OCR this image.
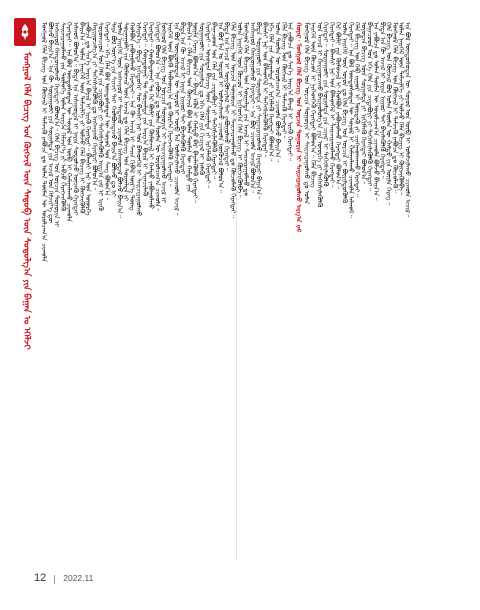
ᠮᠣᠩᠭᠣᠯ ᠬᠡᠯᠡ ᠪᠢᠴᠢᠭ ᠤᠨ ᠬᠥᠭᠵᠢᠯ ᠦᠨ ᠰᠡᠳᠦᠪ ᠦᠨ ᠰᠤᠳᠤᠯᠭ᠎ᠠ ᠶᠢᠨ ᠪᠠᠭᠠᠨ ᠤ ᠡᠭᠡᠯᠵᠢ ᠮᠣᠩᠭᠣᠯ ᠬᠡᠯᠡ ᠪᠢᠴᠢᠭ ᠤᠨ ᠬᠥᠭᠵᠢᠯ ᠢ ᠳᠡᠮᠵᠢᠬᠦ ᠶᠠᠪᠤᠴᠠ ᠳᠤ ᠣᠯᠠᠨ ᠲᠦᠮᠡᠨ ᠦ ᠣᠷᠣᠯᠴᠠᠭ᠎ᠠ ᠴᠢᠬᠤᠯᠠ
ᠪᠣᠯᠵᠤ ᠪᠠᠢᠨ᠎ᠠ᠃ ᠡᠨᠡ ᠬᠦ ᠰᠤᠷᠭᠠᠭᠤᠯᠢ ᠶᠢᠨ ᠰᠤᠷᠭᠠᠯᠲᠠ ᠶᠢᠨ ᠠᠵᠢᠯ ᠤᠨ ᠬᠡᠮᠵᠢᠶ᠎ᠡ ᠳᠦ
ᠠᠩᠬᠠᠷᠤᠯ ᠬᠠᠨᠳᠤᠭᠤᠯᠬᠤ ᠬᠡᠷᠡᠭᠲᠡᠢ ᠪᠣᠯᠤᠨ᠎ᠠ᠃ ᠬᠡᠯᠡ ᠪᠢᠴᠢᠭ ᠤᠨ ᠣᠷᠴᠢᠨ ᠲᠣᠭᠣᠷᠢᠨ ᠢ
ᠰᠠᠢᠵᠢᠷᠠᠭᠤᠯᠬᠤ ᠶᠢᠨ ᠲᠥᠯᠥᠭᠡ ᠣᠯᠠᠨ ᠠᠷᠭ᠎ᠠ ᠬᠡᠮᠵᠢᠶ᠎ᠡ ᠶᠢ ᠠᠪᠴᠤ ᠬᠡᠷᠡᠭᠵᠢᠭᠦᠯᠬᠦ
ᠬᠡᠷᠡᠭᠲᠡᠢ᠃ ᠡᠨᠡ ᠪᠣᠯ ᠦᠨᠳᠦᠰᠦᠲᠡᠨ ᠦ ᠰᠣᠶᠣᠯ ᠤᠨ ᠥᠪ ᠢ ᠬᠠᠮᠠᠭᠠᠯᠠᠬᠤ ᠴᠢᠬᠤᠯᠠ
ᠠᠯᠬᠤᠮ ᠪᠣᠯᠤᠨ᠎ᠠ᠃ ᠪᠢᠳᠡ ᠡᠨᠡ ᠠᠰᠠᠭᠤᠳᠠᠯ ᠢ ᠨᠠᠷᠢᠨ ᠰᠤᠳᠤᠯᠵᠤ ᠦᠵᠡᠬᠦ ᠬᠡᠷᠡᠭᠲᠡᠢ
ᠪᠠᠢᠨ᠎ᠠ᠃ ᠣᠯᠠᠨ ᠨᠡᠢᠭᠡᠮ ᠦᠨ ᠳᠡᠮᠵᠢᠯᠭᠡ ᠶᠢ ᠣᠯᠵᠤ ᠬᠡᠯᠡ ᠪᠢᠴᠢᠭ ᠢ ᠬᠥᠭᠵᠢᠭᠦᠯᠬᠦ
ᠶᠠᠪᠤᠴᠠ ᠳᠤ ᠰᠢᠨ᠎ᠡ ᠠᠷᠭ᠎ᠠ ᠪᠠᠷᠢᠯ ᠢ ᠡᠷᠢᠬᠦ ᠬᠡᠷᠡᠭᠲᠡᠢ᠃ ᠪᠠᠭᠰᠢ ᠨᠠᠷ ᠤᠨ ᠦᠦᠷᠭᠡ
ᠬᠠᠷᠢᠭᠤᠴᠠᠯᠭ᠎ᠠ ᠶᠢ ᠳᠡᠭᠡᠭᠰᠢᠯᠡᠭᠦᠯᠬᠦ ᠳᠤ ᠠᠩᠬᠠᠷᠬᠤ ᠬᠡᠷᠡᠭᠲᠡᠢ ᠪᠣᠯᠤᠨ᠎ᠠ᠃
ᠰᠤᠷᠤᠭᠴᠢᠳ ᠤᠨ ᠬᠡᠯᠡ ᠶᠢᠨ ᠴᠢᠳᠠᠪᠤᠷᠢ ᠶᠢ ᠳᠡᠭᠡᠭᠰᠢᠯᠡᠭᠦᠯᠬᠦ ᠠᠷᠭ᠎ᠠ ᠵᠠᠮ ᠢ ᠡᠷᠢᠬᠦ
ᠬᠡᠷᠡᠭᠲᠡᠢ᠃ ᠡᠬᠡ ᠬᠡᠯᠡ ᠪᠣᠯ ᠦᠨᠳᠦᠰᠦᠲᠡᠨ ᠦ ᠰᠣᠶᠣᠯ ᠤᠨ ᠰᠠᠩ ᠪᠣᠯᠤᠨ᠎ᠠ᠃
ᠳᠡᠷᠡ ᠪᠣᠯ ᠦᠶ᠎ᠡ ᠶᠢᠨ ᠰᠢᠨᠵᠢ ᠲᠡᠢ ᠬᠣᠯᠪᠣᠭᠳᠠᠵᠤ ᠪᠠᠢᠨ᠎ᠠ ᠪᠣᠯᠬᠤ ᠳᠤ ᠨᠢ
ᠣᠯᠠᠨ ᠨᠡᠢᠭᠡᠮ ᠦᠨ ᠠᠩᠬᠠᠷᠤᠯ ᠢ ᠲᠠᠲᠠᠬᠤ ᠴᠢᠬᠤᠯᠠ ᠠᠰᠠᠭᠤᠳᠠᠯ ᠪᠣᠯᠵᠤ ᠪᠠᠢᠨ᠎ᠠ᠃
ᠰᠤᠷᠭᠠᠭᠤᠯᠢ ᠶᠢᠨ ᠬᠦᠮᠦᠵᠢᠯ ᠦᠨ ᠠᠵᠢᠯ ᠳᠤ ᠬᠡᠯᠡ ᠪᠢᠴᠢᠭ ᠤᠨ ᠰᠤᠷᠭᠠᠯᠲᠠ ᠶᠢ
ᠬᠣᠯᠪᠣᠨ ᠶᠠᠪᠤᠭᠤᠯᠬᠤ ᠬᠡᠷᠡᠭᠲᠡᠢ᠃ ᠡᠨᠡ ᠬᠦ ᠠᠵᠢᠯ ᠢ ᠰᠠᠢᠨ ᠬᠢᠪᠡᠯ ᠦᠷ᠎ᠡ ᠳᠦᠩ
ᠢᠯᠡᠷᠡᠨ᠎ᠡ᠃ ᠪᠢᠳᠡ ᠨᠢᠭᠡᠳᠦᠭᠡᠷ ᠲᠦ ᠪᠠᠭᠰᠢ ᠨᠠᠷ ᠤᠨ ᠪᠡᠯᠡᠳᠬᠡᠯ ᠢ ᠰᠠᠢᠵᠢᠷᠠᠭᠤᠯᠬᠤ
ᠬᠡᠷᠡᠭᠲᠡᠢ᠃ ᠬᠣᠶᠠᠳᠤᠭᠠᠷ ᠲᠤ ᠰᠤᠷᠭᠠᠯᠲᠠ ᠶᠢᠨ ᠠᠷᠭ᠎ᠠ ᠪᠠᠷᠢᠯ ᠢ ᠰᠢᠨᠡᠴᠢᠯᠡᠬᠦ
ᠬᠡᠷᠡᠭᠲᠡᠢ᠃ ᠭᠤᠷᠪᠠᠳᠤᠭᠠᠷ ᠲᠤ ᠭᠡᠷ ᠪᠦᠯᠢ ᠶᠢᠨ ᠬᠦᠮᠦᠵᠢᠯ ᠢ ᠬᠠᠮᠲᠤ ᠶᠠᠪᠤᠭᠤᠯᠬᠤ
ᠬᠡᠷᠡᠭᠲᠡᠢ ᠪᠣᠯᠤᠨ᠎ᠠ᠃ ᠡᠨᠡ ᠶᠠᠪᠤᠴᠠ ᠳᠤ ᠣᠯᠠᠨ ᠲᠦᠮᠡᠨ ᠦ ᠣᠷᠣᠯᠴᠠᠭ᠎ᠠ ᠴᠢᠬᠤᠯᠠ᠃
ᠮᠣᠩᠭᠣᠯ ᠬᠡᠯᠡ ᠪᠢᠴᠢᠭ ᠤᠨ ᠣᠷᠴᠢᠨ ᠲᠣᠭᠣᠷᠢᠨ ᠢ ᠰᠠᠢᠵᠢᠷᠠᠭᠤᠯᠬᠤ ᠠᠵᠢᠯ ᠢ
ᠨᠡᠢᠭᠡᠮ ᠦᠨ ᠪᠦᠬᠦ ᠳᠠᠪᠬᠤᠷᠭ᠎ᠠ ᠳᠤ ᠬᠦᠷᠭᠡᠨ ᠬᠡᠷᠡᠭᠵᠢᠭᠦᠯᠬᠦ ᠬᠡᠷᠡᠭᠲᠡᠢ᠃
ᠡᠨᠡ ᠪᠣᠯ ᠦᠨᠳᠦᠰᠦᠲᠡᠨ ᠦ ᠰᠣᠶᠣᠯ ᠢ ᠥᠪ ᠯᠡᠨ ᠤᠯᠠᠮᠵᠢᠯᠠᠬᠤ ᠴᠢᠬᠤᠯᠠ ᠠᠵᠢᠯ᠃
ᠪᠢᠳᠡ ᠡᠨᠡ ᠬᠦ ᠠᠵᠢᠯ ᠢ ᠨᠠᠷᠢᠨ ᠨᠢᠭᠤᠷ ᠲᠠᠢ ᠪᠡᠶᠡᠯᠡᠭᠦᠯᠬᠦ ᠬᠡᠷᠡᠭᠲᠡᠢ
ᠪᠠᠢᠨ᠎ᠠ᠃ ᠬᠡᠯᠡ ᠪᠢᠴᠢᠭ ᠤᠨ ᠬᠥᠭᠵᠢᠯ ᠪᠣᠯ ᠣᠯᠠᠨ ᠲᠦᠮᠡᠨ ᠦ ᠬᠠᠮᠲᠤ ᠶᠢᠨ
ᠦᠶᠯᠡ ᠬᠡᠷᠡᠭ ᠪᠣᠯᠤᠨ᠎ᠠ᠃ ᠪᠢᠳᠡ ᠡᠭᠦᠨ ᠢ ᠬᠠᠮᠲᠤ ᠪᠡᠷ ᠪᠡᠶᠡᠯᠡᠭᠦᠯᠬᠦ ᠬᠡᠷᠡᠭᠲᠡᠢ᠃
ᠰᠤᠷᠭᠠᠭᠤᠯᠢ ᠶᠢᠨ ᠰᠤᠷᠭᠠᠯᠲᠠ ᠳᠤ ᠡᠬᠡ ᠬᠡᠯᠡ ᠶᠢᠨ ᠬᠢᠴᠢᠶᠡᠯ ᠢ ᠨᠡᠮᠡᠬᠦ
ᠬᠡᠷᠡᠭᠲᠡᠢ᠃ ᠣᠶᠤᠲᠠᠨ ᠪᠢᠴᠢᠭ ᠦᠨ ᠰᠤᠷᠭᠠᠯᠲᠠ ᠶᠢ ᠡᠷᠬᠢᠮᠯᠡᠬᠦ ᠬᠡᠷᠡᠭᠲᠡᠢ᠃
ᠪᠠᠭᠠᠴᠤᠳ ᠤᠨ ᠬᠡᠯᠡ ᠶᠢᠨ ᠴᠢᠳᠠᠪᠤᠷᠢ ᠶᠢ ᠳᠡᠭᠡᠭᠰᠢᠯᠡᠭᠦᠯᠬᠦ ᠬᠡᠷᠡᠭᠲᠡᠢ᠃
ᠡᠨᠡ ᠪᠣᠯ ᠮᠠᠨ ᠤ ᠤᠳᠤᠮ ᠢ ᠤᠯᠠᠮᠵᠢᠯᠠᠬᠤ ᠴᠢᠬᠤᠯᠠ ᠨᠥᠬᠦᠴᠡᠯ ᠪᠣᠯᠤᠨ᠎ᠠ᠃
ᠪᠢᠳᠡ ᠡᠨᠡ ᠠᠵᠢᠯ ᠢ ᠦᠷᠭᠦᠯᠵᠢᠯᠡᠯ ᠲᠠᠢ ᠶᠠᠪᠤᠭᠤᠯᠬᠤ ᠬᠡᠷᠡᠭᠲᠡᠢ᠃
ᠬᠡᠯᠡ ᠪᠢᠴᠢᠭ ᠤᠨ ᠣᠷᠴᠢᠨ ᠲᠣᠭᠣᠷᠢᠨ ᠢ ᠰᠠᠢᠵᠢᠷᠠᠭᠤᠯᠬᠤ ᠳᠤ ᠬᠦᠴᠦᠯᠡᠬᠦ ᠬᠡᠷᠡᠭᠲᠡᠢ᠃
ᠣᠯᠠᠨ ᠨᠡᠢᠭᠡᠮ ᠦᠨ ᠬᠦᠴᠦᠨ ᠢ ᠨᠢᠭᠡᠳᠭᠡᠨ ᠬᠡᠯᠡ ᠪᠢᠴᠢᠭ ᠢ ᠬᠥᠭᠵᠢᠭᠦᠯᠪᠡ᠃
ᠮᠣᠩᠭᠣᠯ ᠬᠡᠯᠡ ᠪᠢᠴᠢᠭ ᠤᠨ ᠰᠤᠷᠭᠠᠯᠲᠠ ᠶᠢᠨ ᠠᠵᠢᠯ ᠢ ᠰᠠᠢᠵᠢᠷᠠᠭᠤᠯᠬᠤ ᠳᠤ
ᠠᠩᠬᠠᠷᠤᠯ ᠬᠠᠨᠳᠤᠭᠤᠯᠬᠤ ᠬᠡᠷᠡᠭᠲᠡᠢ᠃ ᠡᠨᠡ ᠪᠣᠯ ᠴᠢᠬᠤᠯᠠ ᠠᠵᠢᠯ ᠪᠣᠯᠤᠨ᠎ᠠ᠃
ᠪᠢᠳᠡ ᠰᠤᠷᠭᠠᠭᠤᠯᠢ ᠶᠢᠨ ᠰᠤᠷᠭᠠᠯᠲᠠ ᠶᠢ ᠰᠠᠢᠵᠢᠷᠠᠭᠤᠯᠬᠤ ᠬᠡᠷᠡᠭᠲᠡᠢ ᠪᠠᠢᠨ᠎ᠠ᠃
ᠪᠠᠭᠰᠢ ᠨᠠᠷ ᠤᠨ ᠪᠡᠯᠡᠳᠬᠡᠯ ᠢ ᠳᠡᠭᠡᠭᠰᠢᠯᠡᠭᠦᠯᠬᠦ ᠬᠡᠷᠡᠭᠲᠡᠢ᠃
ᠡᠬᠡ ᠬᠡᠯᠡ ᠶᠢᠨ ᠰᠤᠷᠭᠠᠯᠲᠠ ᠶᠢ ᠡᠷᠬᠢᠮᠯᠡᠬᠦ ᠬᠡᠷᠡᠭᠲᠡᠢ ᠪᠣᠯᠤᠨ᠎ᠠ᠃
ᠣᠯᠠᠨ ᠲᠦᠮᠡᠨ ᠦ ᠣᠷᠣᠯᠴᠠᠭ᠎ᠠ ᠴᠢᠬᠤᠯᠠ ᠪᠣᠯᠵᠤ ᠪᠠᠢᠨ᠎ᠠ᠃
ᠬᠡᠯᠡ ᠪᠢᠴᠢᠭ ᠤᠨ ᠬᠥᠭᠵᠢᠯ ᠢ ᠳᠡᠮᠵᠢᠬᠦ ᠬᠡᠷᠡᠭᠲᠡᠢ᠃
ᠡᠨᠡ ᠶᠠᠪᠤᠴᠠ ᠳᠤ ᠰᠢᠨ᠎ᠡ ᠠᠷᠭ᠎ᠠ ᠪᠠᠷᠢᠯ ᠢ ᠡᠷᠢᠬᠦ ᠬᠡᠷᠡᠭᠲᠡᠢ᠃ ᠬᠣᠶᠠᠷ᠂ ᠮᠣᠩᠭᠣᠯ ᠬᠡᠯᠡ ᠪᠢᠴᠢᠭ ᠤᠨ ᠣᠷᠴᠢᠨ ᠲᠣᠭᠣᠷᠢᠨ ᠢ ᠰᠠᠢᠵᠢᠷᠠᠭᠤᠯᠬᠤ ᠠᠷᠭ᠎ᠠ ᠵᠠᠮ ᠮᠣᠩᠭᠣᠯ ᠬᠡᠯᠡ ᠪᠢᠴᠢᠭ ᠤᠨ ᠣᠷᠴᠢᠨ ᠲᠣᠭᠣᠷᠢᠨ ᠢ ᠰᠠᠢᠵᠢᠷᠠᠭᠤᠯᠬᠤ ᠳᠤ ᠣᠯᠠᠨ
ᠨᠡᠢᠭᠡᠮ ᠦᠨ ᠬᠦᠴᠦᠨ ᠢ ᠨᠢᠭᠡᠳᠭᠡᠬᠦ ᠬᠡᠷᠡᠭᠲᠡᠢ ᠪᠣᠯᠤᠨ᠎ᠠ᠃ ᠬᠡᠯᠡ ᠪᠢᠴᠢᠭ
ᠤᠨ ᠠᠵᠢᠯ ᠢ ᠬᠠᠷᠢᠭᠤᠴᠠᠬᠤ ᠪᠠᠢᠭᠤᠯᠤᠯᠭ᠎ᠠ ᠶᠢᠨ ᠦᠦᠷᠭᠡ ᠶᠢ ᠳᠡᠭᠡᠭᠰᠢᠯᠡᠭᠦᠯᠬᠦ
ᠬᠡᠷᠡᠭᠲᠡᠢ᠃ ᠰᠤᠷᠭᠠᠭᠤᠯᠢ ᠶᠢᠨ ᠰᠤᠷᠭᠠᠯᠲᠠ ᠶᠢᠨ ᠴᠢᠨᠠᠷ ᠢ ᠳᠡᠭᠡᠭᠰᠢᠯᠡᠭᠦᠯᠬᠦ
ᠬᠡᠷᠡᠭᠲᠡᠢ᠃ ᠪᠠᠭᠰᠢ ᠨᠠᠷ ᠤᠨ ᠪᠡᠯᠡᠳᠬᠡᠯ ᠢ ᠰᠠᠢᠵᠢᠷᠠᠭᠤᠯᠬᠤ ᠬᠡᠷᠡᠭᠲᠡᠢ᠃
ᠭᠡᠷ ᠪᠦᠯᠢ ᠶᠢᠨ ᠬᠦᠮᠦᠵᠢᠯ ᠢ ᠬᠣᠯᠪᠣᠨ ᠶᠠᠪᠤᠭᠤᠯᠬᠤ ᠬᠡᠷᠡᠭᠲᠡᠢ ᠪᠣᠯᠤᠨ᠎ᠠ᠃
ᠣᠯᠠᠨ ᠨᠡᠢᠭᠡᠮ ᠦᠨ ᠣᠷᠣᠨ ᠳᠤ ᠬᠡᠯᠡ ᠪᠢᠴᠢᠭ ᠤᠨ ᠣᠷᠴᠢᠨ ᠢ ᠪᠦᠷᠢᠯᠳᠦᠭᠦᠯᠬᠦ
ᠬᠡᠷᠡᠭᠲᠡᠢ᠃ ᠡᠨᠡ ᠪᠣᠯ ᠦᠨᠳᠦᠰᠦᠲᠡᠨ ᠦ ᠰᠣᠶᠣᠯ ᠢ ᠬᠠᠮᠠᠭᠠᠯᠠᠬᠤ ᠴᠢᠬᠤᠯᠠ ᠠᠯᠬᠤᠮ᠃
ᠬᠡᠯᠡ ᠪᠢᠴᠢᠭ ᠤᠨ ᠬᠡᠪ ᠵᠢᠭᠤᠷ ᠢ ᠮᠥᠷᠳᠡᠬᠦ ᠶᠢ ᠴᠢᠩᠭᠠᠳᠬᠠᠬᠤ ᠬᠡᠷᠡᠭᠲᠡᠢ᠃
ᠣᠶᠤᠲᠠᠨ ᠪᠢᠴᠢᠭ ᠦᠨ ᠰᠤᠷᠭᠠᠯᠲᠠ ᠶᠢ ᠡᠷᠬᠢᠮᠯᠡᠬᠦ ᠬᠡᠷᠡᠭᠲᠡᠢ ᠪᠣᠯᠤᠨ᠎ᠠ᠃
ᠪᠠᠭᠠᠴᠤᠳ ᠤᠨ ᠡᠬᠡ ᠬᠡᠯᠡ ᠶᠢᠨ ᠴᠢᠳᠠᠪᠤᠷᠢ ᠶᠢ ᠳᠡᠭᠡᠭᠰᠢᠯᠡᠭᠦᠯᠬᠦ ᠬᠡᠷᠡᠭᠲᠡᠢ᠃
ᠡᠨᠡ ᠶᠠᠪᠤᠴᠠ ᠳᠤ ᠣᠯᠠᠨ ᠲᠦᠮᠡᠨ ᠦ ᠣᠷᠣᠯᠴᠠᠭ᠎ᠠ ᠴᠢᠬᠤᠯᠠ ᠪᠣᠯᠵᠤ ᠪᠠᠢᠨ᠎ᠠ᠃
ᠪᠢᠳᠡ ᠡᠨᠡ ᠬᠦ ᠠᠵᠢᠯ ᠢ ᠨᠠᠷᠢᠨ ᠨᠢᠭᠤᠷ ᠲᠠᠢ ᠪᠡᠶᠡᠯᠡᠭᠦᠯᠬᠦ ᠬᠡᠷᠡᠭᠲᠡᠢ᠃
ᠬᠡᠯᠡ ᠪᠢᠴᠢᠭ ᠤᠨ ᠬᠥᠭᠵᠢᠯ ᠪᠣᠯ ᠣᠯᠠᠨ ᠲᠦᠮᠡᠨ ᠦ ᠬᠠᠮᠲᠤ ᠶᠢᠨ ᠦᠶᠯᠡ ᠬᠡᠷᠡᠭ᠃
ᠮᠣᠩᠭᠣᠯ ᠬᠡᠯᠡ ᠪᠢᠴᠢᠭ ᠤᠨ ᠬᠥᠭᠵᠢᠯ ᠢ ᠳᠡᠮᠵᠢᠬᠦ ᠶᠠᠪᠤᠴᠠ ᠳᠤ ᠬᠦᠴᠦᠯᠡᠬᠦ᠃
ᠣᠯᠠᠨ ᠨᠡᠢᠭᠡᠮ ᠦᠨ ᠳᠡᠮᠵᠢᠯᠭᠡ ᠶᠢ ᠣᠯᠵᠤ ᠬᠡᠯᠡ ᠪᠢᠴᠢᠭ ᠢ ᠬᠥᠭᠵᠢᠭᠦᠯᠪᠡ᠃
ᠡᠨᠡ ᠪᠣᠯ ᠦᠨᠳᠦᠰᠦᠲᠡᠨ ᠦ ᠰᠣᠶᠣᠯ ᠤᠨ ᠥᠪ ᠢ ᠤᠯᠠᠮᠵᠢᠯᠠᠬᠤ ᠴᠢᠬᠤᠯᠠ ᠠᠵᠢᠯ᠃
12 2022.11
